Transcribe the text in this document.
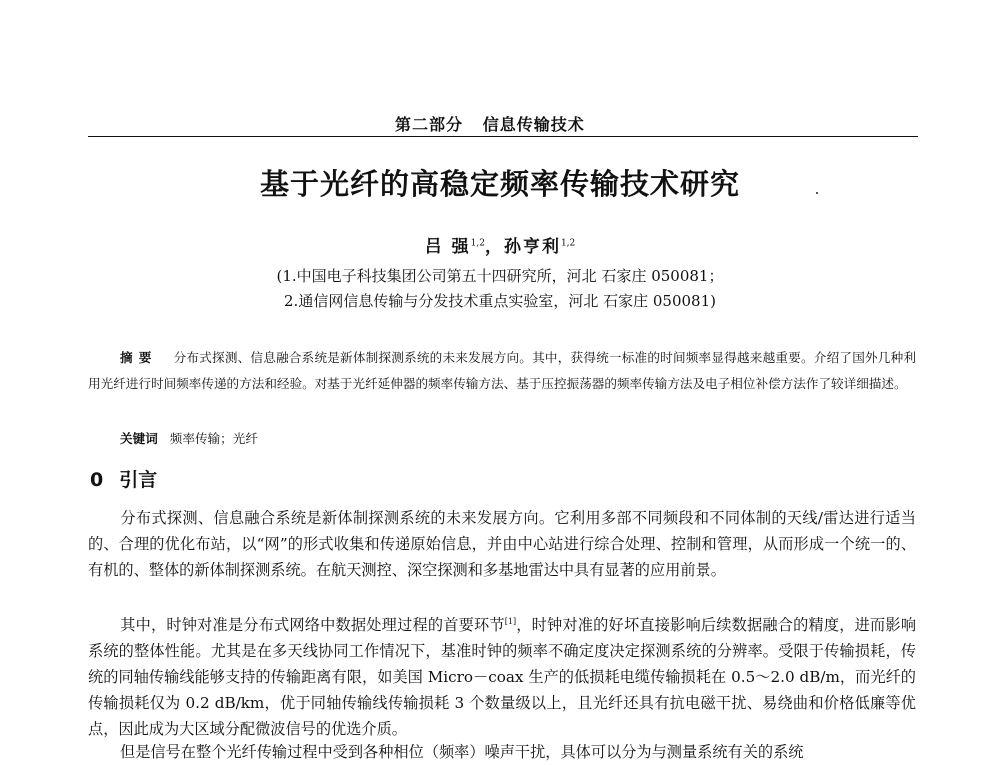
第二部分   信息传输技术
基于光纤的高稳定频率传输技术研究
吕 强$^{1,2}$，孙亨利$^{1,2}$
(1.中国电子科技集团公司第五十四研究所，河北 石家庄 050081；
2.通信网信息传输与分发技术重点实验室，河北 石家庄 050081)
摘要 分布式探测、信息融合系统是新体制探测系统的未来发展方向。其中，获得统一标准的时间频率显得越来越重要。介绍了国外几种利用光纤进行时间频率传递的方法和经验。对基于光纤延伸器的频率传输方法、基于压控振荡器的频率传输方法及电子相位补偿方法作了较详细描述。
关键词 频率传输；光纤
0 引言
分布式探测、信息融合系统是新体制探测系统的未来发展方向。它利用多部不同频段和不同体制的天线/雷达进行适当的、合理的优化布站，以“网”的形式收集和传递原始信息，并由中心站进行综合处理、控制和管理，从而形成一个统一的、有机的、整体的新体制探测系统。在航天测控、深空探测和多基地雷达中具有显著的应用前景。
其中，时钟对准是分布式网络中数据处理过程的首要环节[1]，时钟对准的好坏直接影响后续数据融合的精度，进而影响系统的整体性能。尤其是在多天线协同工作情况下，基准时钟的频率不确定度决定探测系统的分辨率。受限于传输损耗，传统的同轴传输线能够支持的传输距离有限，如美国 Micro－coax 生产的低损耗电缆传输损耗在 0.5～2.0 dB/m，而光纤的传输损耗仅为 0.2 dB/km，优于同轴传输线传输损耗 3 个数量级以上，且光纤还具有抗电磁干扰、易绕曲和价格低廉等优点，因此成为大区域分配微波信号的优选介质。
但是信号在整个光纤传输过程中受到各种相位（频率）噪声干扰，具体可以分为与测量系统有关的系统
